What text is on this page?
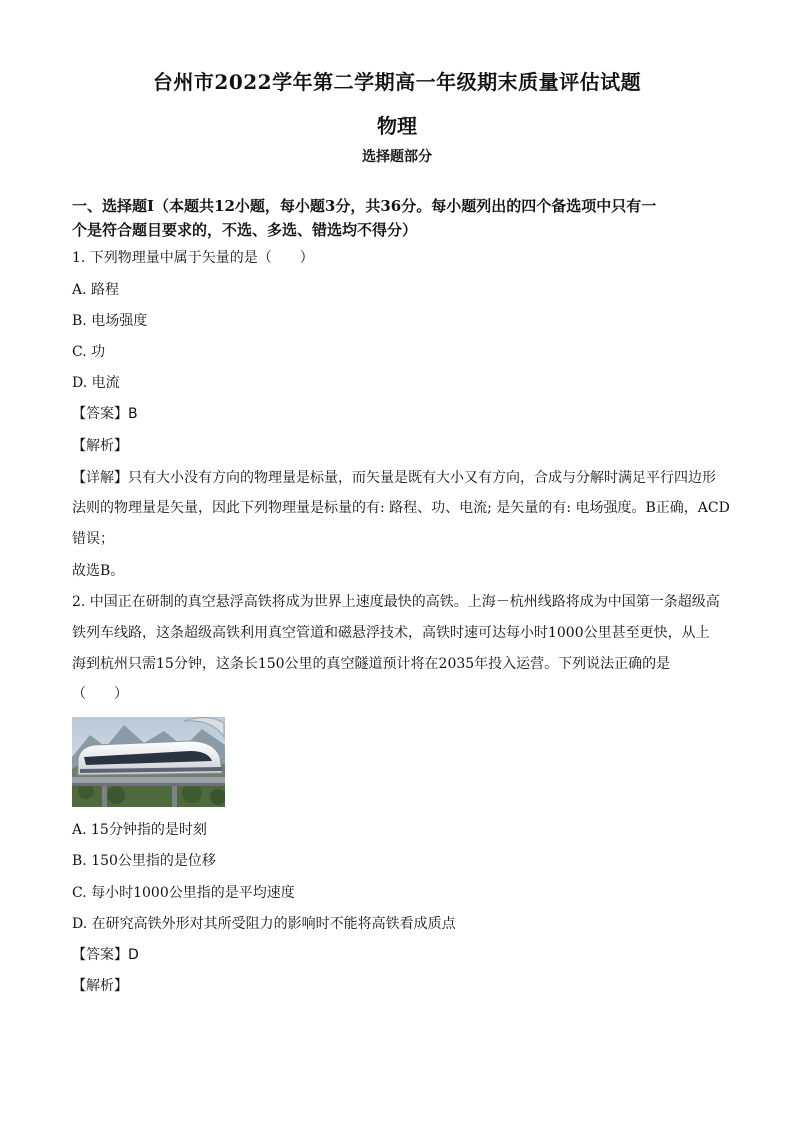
台州市2022学年第二学期高一年级期末质量评估试题
物理
选择题部分
一、选择题Ⅰ（本题共12小题，每小题3分，共36分。每小题列出的四个备选项中只有一
个是符合题目要求的，不选、多选、错选均不得分）
1. 下列物理量中属于矢量的是（　　）
A. 路程
B. 电场强度
C. 功
D. 电流
【答案】B
【解析】
【详解】只有大小没有方向的物理量是标量，而矢量是既有大小又有方向，合成与分解时满足平行四边形
法则的物理量是矢量，因此下列物理量是标量的有: 路程、功、电流; 是矢量的有: 电场强度。B正确，ACD
错误；
故选B。
2. 中国正在研制的真空悬浮高铁将成为世界上速度最快的高铁。上海－杭州线路将成为中国第一条超级高
铁列车线路，这条超级高铁利用真空管道和磁悬浮技术，高铁时速可达每小时1000公里甚至更快，从上
海到杭州只需15分钟，这条长150公里的真空隧道预计将在2035年投入运营。下列说法正确的是
（　　）
A. 15分钟指的是时刻
B. 150公里指的是位移
C. 每小时1000公里指的是平均速度
D. 在研究高铁外形对其所受阻力的影响时不能将高铁看成质点
【答案】D
【解析】
